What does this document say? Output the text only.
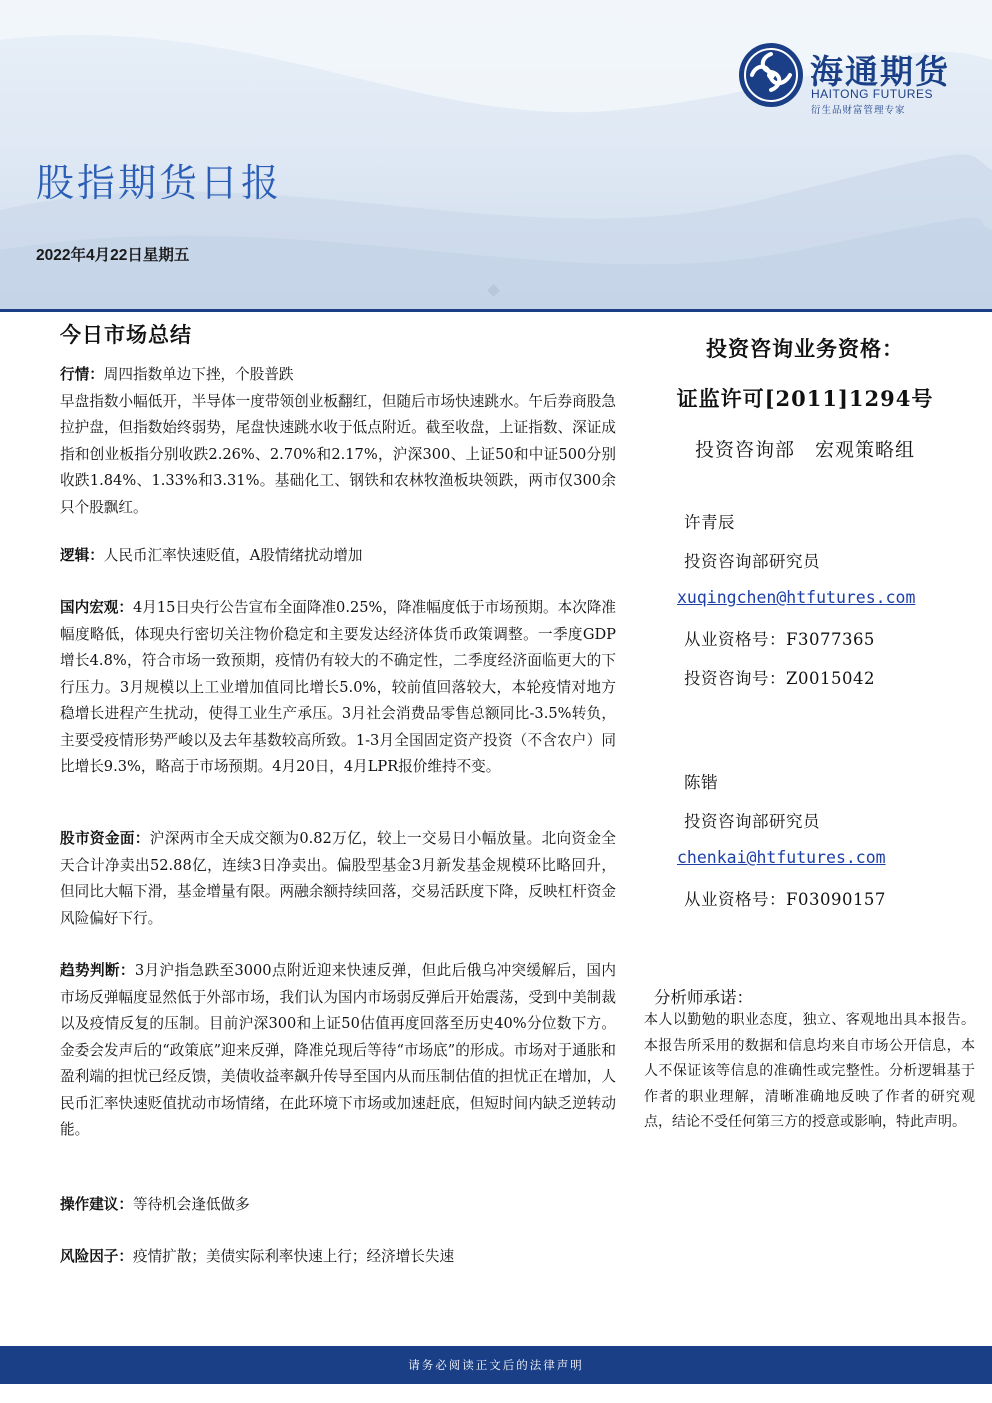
海通期货
HAITONG FUTURES
衍生品财富管理专家
股指期货日报
2022年4月22日星期五
今日市场总结
行情：周四指数单边下挫，个股普跌
早盘指数小幅低开，半导体一度带领创业板翻红，但随后市场快速跳水。午后券商股急拉护盘，但指数始终弱势，尾盘快速跳水收于低点附近。截至收盘，上证指数、深证成指和创业板指分别收跌2.26%、2.70%和2.17%，沪深300、上证50和中证500分别收跌1.84%、1.33%和3.31%。基础化工、钢铁和农林牧渔板块领跌，两市仅300余只个股飘红。
逻辑：人民币汇率快速贬值，A股情绪扰动增加
国内宏观：4月15日央行公告宣布全面降准0.25%，降准幅度低于市场预期。本次降准幅度略低，体现央行密切关注物价稳定和主要发达经济体货币政策调整。一季度GDP增长4.8%，符合市场一致预期，疫情仍有较大的不确定性，二季度经济面临更大的下行压力。3月规模以上工业增加值同比增长5.0%，较前值回落较大，本轮疫情对地方稳增长进程产生扰动，使得工业生产承压。3月社会消费品零售总额同比-3.5%转负，主要受疫情形势严峻以及去年基数较高所致。1-3月全国固定资产投资（不含农户）同比增长9.3%，略高于市场预期。4月20日，4月LPR报价维持不变。
股市资金面：沪深两市全天成交额为0.82万亿，较上一交易日小幅放量。北向资金全天合计净卖出52.88亿，连续3日净卖出。偏股型基金3月新发基金规模环比略回升，但同比大幅下滑，基金增量有限。两融余额持续回落，交易活跃度下降，反映杠杆资金风险偏好下行。
趋势判断：3月沪指急跌至3000点附近迎来快速反弹，但此后俄乌冲突缓解后，国内市场反弹幅度显然低于外部市场，我们认为国内市场弱反弹后开始震荡，受到中美制裁以及疫情反复的压制。目前沪深300和上证50估值再度回落至历史40%分位数下方。金委会发声后的“政策底”迎来反弹，降准兑现后等待“市场底”的形成。市场对于通胀和盈利端的担忧已经反馈，美债收益率飙升传导至国内从而压制估值的担忧正在增加，人民币汇率快速贬值扰动市场情绪，在此环境下市场或加速赶底，但短时间内缺乏逆转动能。
操作建议：等待机会逢低做多
风险因子：疫情扩散；美债实际利率快速上行；经济增长失速
投资咨询业务资格：
证监许可[2011]1294号
投资咨询部　宏观策略组
许青辰
投资咨询部研究员
xuqingchen@htfutures.com
从业资格号：F3077365
投资咨询号：Z0015042
陈锴
投资咨询部研究员
chenkai@htfutures.com
从业资格号：F03090157
分析师承诺：
本人以勤勉的职业态度，独立、客观地出具本报告。本报告所采用的数据和信息均来自市场公开信息，本人不保证该等信息的准确性或完整性。分析逻辑基于作者的职业理解，清晰准确地反映了作者的研究观点，结论不受任何第三方的授意或影响，特此声明。
请务必阅读正文后的法律声明
